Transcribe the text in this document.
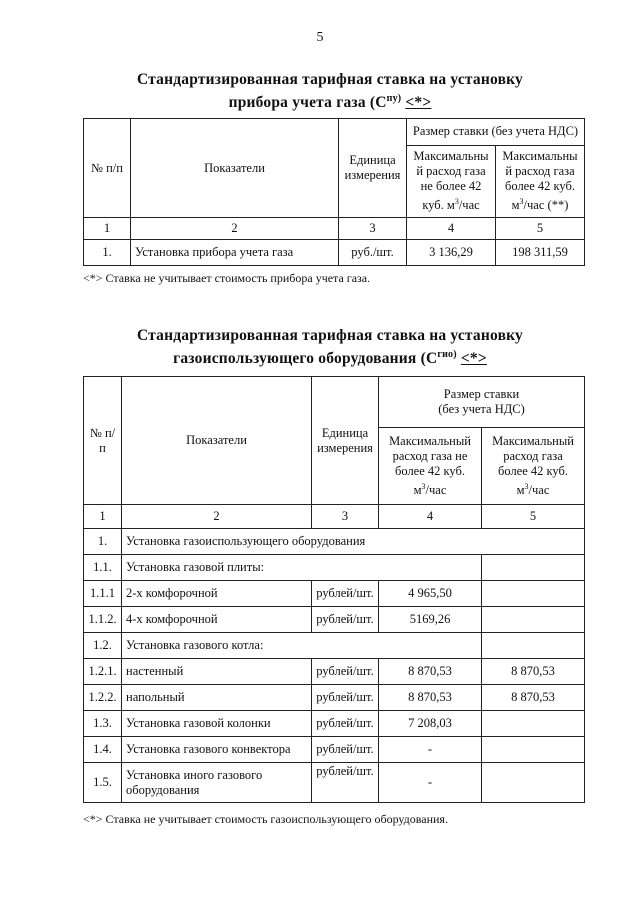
5
Стандартизированная тарифная ставка на установку
прибора учета газа ($С^{пу)}$ <*>
№ п/п	Показатели	Единица измерения	Размер ставки (без учета НДС)	
			Максимальны
й расход газа
не более 42
куб. $м^3$/час	Максимальны
й расход газа
более 42 куб.
$м^3$/час (**)
1	2	3	4	5
1.	Установка прибора учета газа	руб./шт.	3 136,29	198 311,59
<*> Ставка не учитывает стоимость прибора учета газа.
Стандартизированная тарифная ставка на установку
газоиспользующего оборудования ($С^{гио)}$ <*>
№ п/п	Показатели	Единица измерения	Размер ставки
(без учета НДС)	
			Максимальный
расход газа не
более 42 куб.
$м^3$/час	Максимальный
расход газа
более 42 куб.
$м^3$/час
1	2	3	4	5
1.	Установка газоиспользующего оборудования			
1.1.	Установка газовой плиты:			
1.1.1	2-х комфорочной	рублей/шт.	4 965,50	
1.1.2.	4-х комфорочной	рублей/шт.	5169,26	
1.2.	Установка газового котла:			
1.2.1.	настенный	рублей/шт.	8 870,53	8 870,53
1.2.2.	напольный	рублей/шт.	8 870,53	8 870,53
1.3.	Установка газовой колонки	рублей/шт.	7 208,03	
1.4.	Установка газового конвектора	рублей/шт.	-	
1.5.	Установка иного газового оборудования	рублей/шт.	-	
<*> Ставка не учитывает стоимость газоиспользующего оборудования.
